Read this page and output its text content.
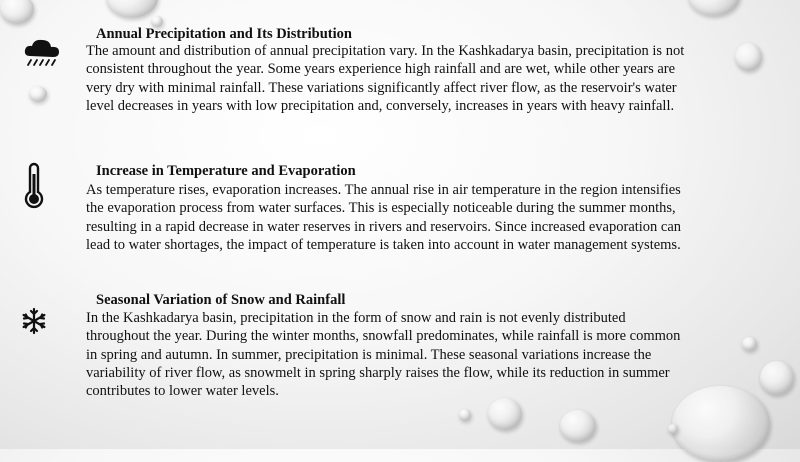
Annual Precipitation and Its Distribution
The amount and distribution of annual precipitation vary. In the Kashkadarya basin, precipitation is not consistent throughout the year. Some years experience high rainfall and are wet, while other years are very dry with minimal rainfall. These variations significantly affect river flow, as the reservoir's water level decreases in years with low precipitation and, conversely, increases in years with heavy rainfall.
Increase in Temperature and Evaporation
As temperature rises, evaporation increases. The annual rise in air temperature in the region intensifies the evaporation process from water surfaces. This is especially noticeable during the summer months, resulting in a rapid decrease in water reserves in rivers and reservoirs. Since increased evaporation can lead to water shortages, the impact of temperature is taken into account in water management systems.
Seasonal Variation of Snow and Rainfall
In the Kashkadarya basin, precipitation in the form of snow and rain is not evenly distributed throughout the year. During the winter months, snowfall predominates, while rainfall is more common in spring and autumn. In summer, precipitation is minimal. These seasonal variations increase the variability of river flow, as snowmelt in spring sharply raises the flow, while its reduction in summer contributes to lower water levels.
